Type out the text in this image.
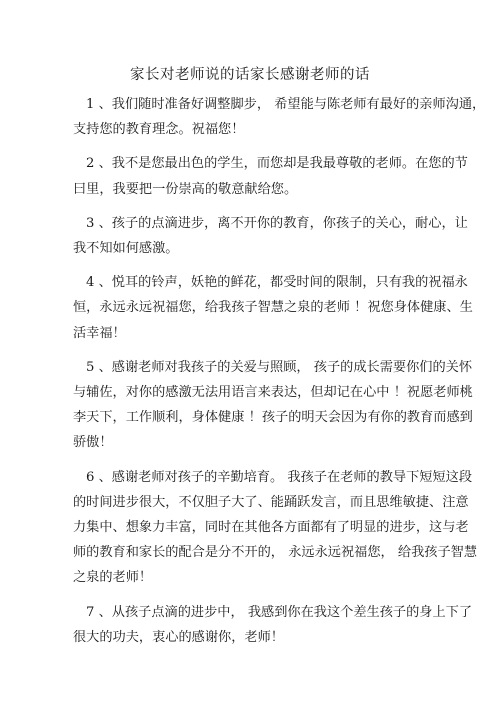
家长对老师说的话家长感谢老师的话
1 、我们随时准备好调整脚步， 希望能与陈老师有最好的亲师沟通，
支持您的教育理念。祝福您！
2 、我不是您最出色的学生，而您却是我最尊敬的老师。在您的节
曰里，我要把一份崇高的敬意献给您。
3 、孩子的点滴进步，离不开你的教育，你孩子的关心，耐心，让
我不知如何感激。
4 、悦耳的铃声，妖艳的鲜花，都受时间的限制，只有我的祝福永
恒，永远永远祝福您，给我孩子智慧之泉的老师 ！祝您身体健康、生
活幸福！
5 、感谢老师对我孩子的关爱与照顾， 孩子的成长需要你们的关怀
与辅佐，对你的感激无法用语言来表达，但却记在心中 ！祝愿老师桃
李天下，工作顺利，身体健康 ！孩子的明天会因为有你的教育而感到
骄傲！
6 、感谢老师对孩子的辛勤培育。 我孩子在老师的教导下短短这段
的时间进步很大，不仅胆子大了、能踊跃发言，而且思维敏捷、注意
力集中、想象力丰富，同时在其他各方面都有了明显的进步，这与老
师的教育和家长的配合是分不开的， 永远永远祝福您， 给我孩子智慧
之泉的老师！
7 、从孩子点滴的进步中， 我感到你在我这个差生孩子的身上下了
很大的功夫，衷心的感谢你，老师！
